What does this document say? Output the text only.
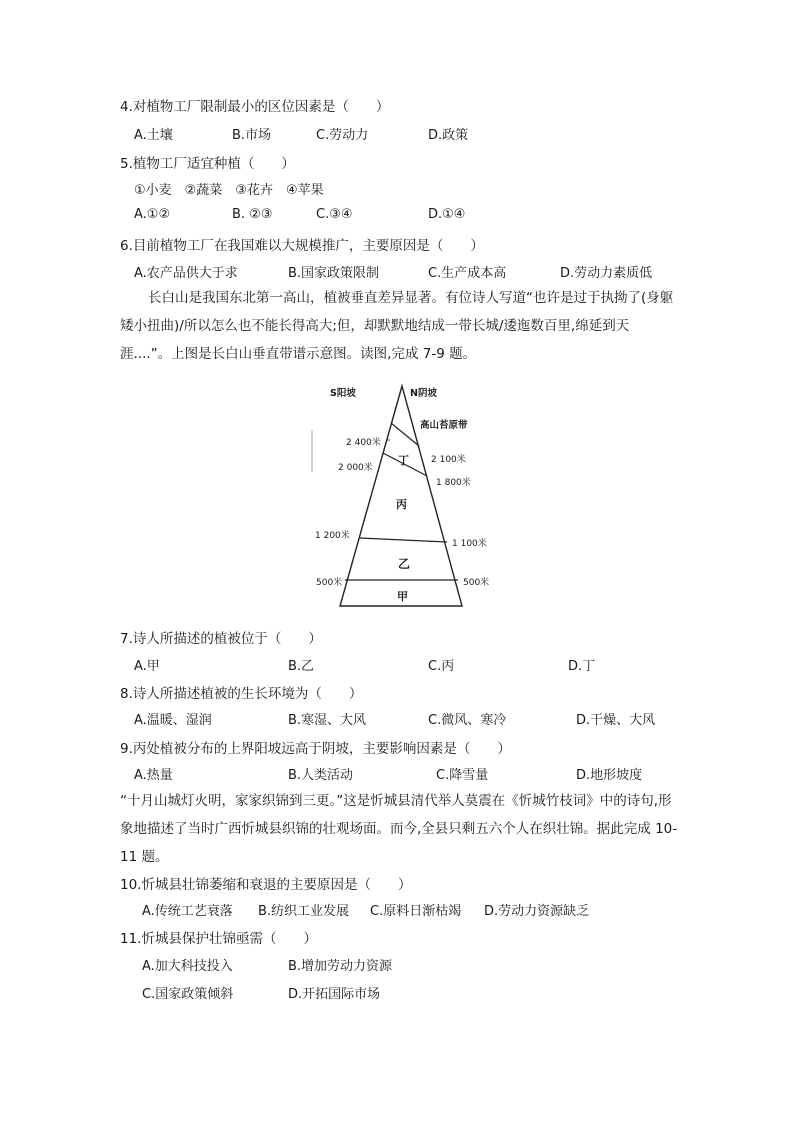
4.对植物工厂限制最小的区位因素是（　　）
A.土壤	B.市场	C.劳动力	D.政策
5.植物工厂适宜种植（　　）
①小麦　②蔬菜　③花卉　④苹果
A.①②	B. ②③	C.③④	D.①④
6.目前植物工厂在我国难以大规模推广，主要原因是（　　）
A.农产品供大于求	B.国家政策限制	C.生产成本高	D.劳动力素质低
长白山是我国东北第一高山，植被垂直差异显著。有位诗人写道“也许是过于执拗了(身躯矮小扭曲)/所以怎么也不能长得高大;但，却默默地结成一带长城/逶迤数百里,绵延到天涯....”。上图是长白山垂直带谱示意图。读图,完成 7-9 题。
S阳坡	N阴坡
高山苔原带
2 400米
2 000米
1 200米
500米
2 100米
1 800米
1 100米
500米
甲
乙
丙
丁
7.诗人所描述的植被位于（　　）
A.甲	B.乙	C.丙	D.丁
8.诗人所描述植被的生长环境为（　　）
A.温暖、湿润	B.寒湿、大风	C.微风、寒冷	D.干燥、大风
9.丙处植被分布的上界阳坡远高于阴坡，主要影响因素是（　　）
A.热量	B.人类活动	C.降雪量	D.地形坡度
“十月山城灯火明，家家织锦到三更。”这是忻城县清代举人莫震在《忻城竹枝词》中的诗句,形象地描述了当时广西忻城县织锦的壮观场面。而今,全县只剩五六个人在织壮锦。据此完成 10-11 题。
10.忻城县壮锦萎缩和衰退的主要原因是（　　）
A.传统工艺衰落 B.纺织工业发展 C.原料日渐枯竭 D.劳动力资源缺乏
11.忻城县保护壮锦亟需（　　）
A.加大科技投入	B.增加劳动力资源
C.国家政策倾斜	D.开拓国际市场
